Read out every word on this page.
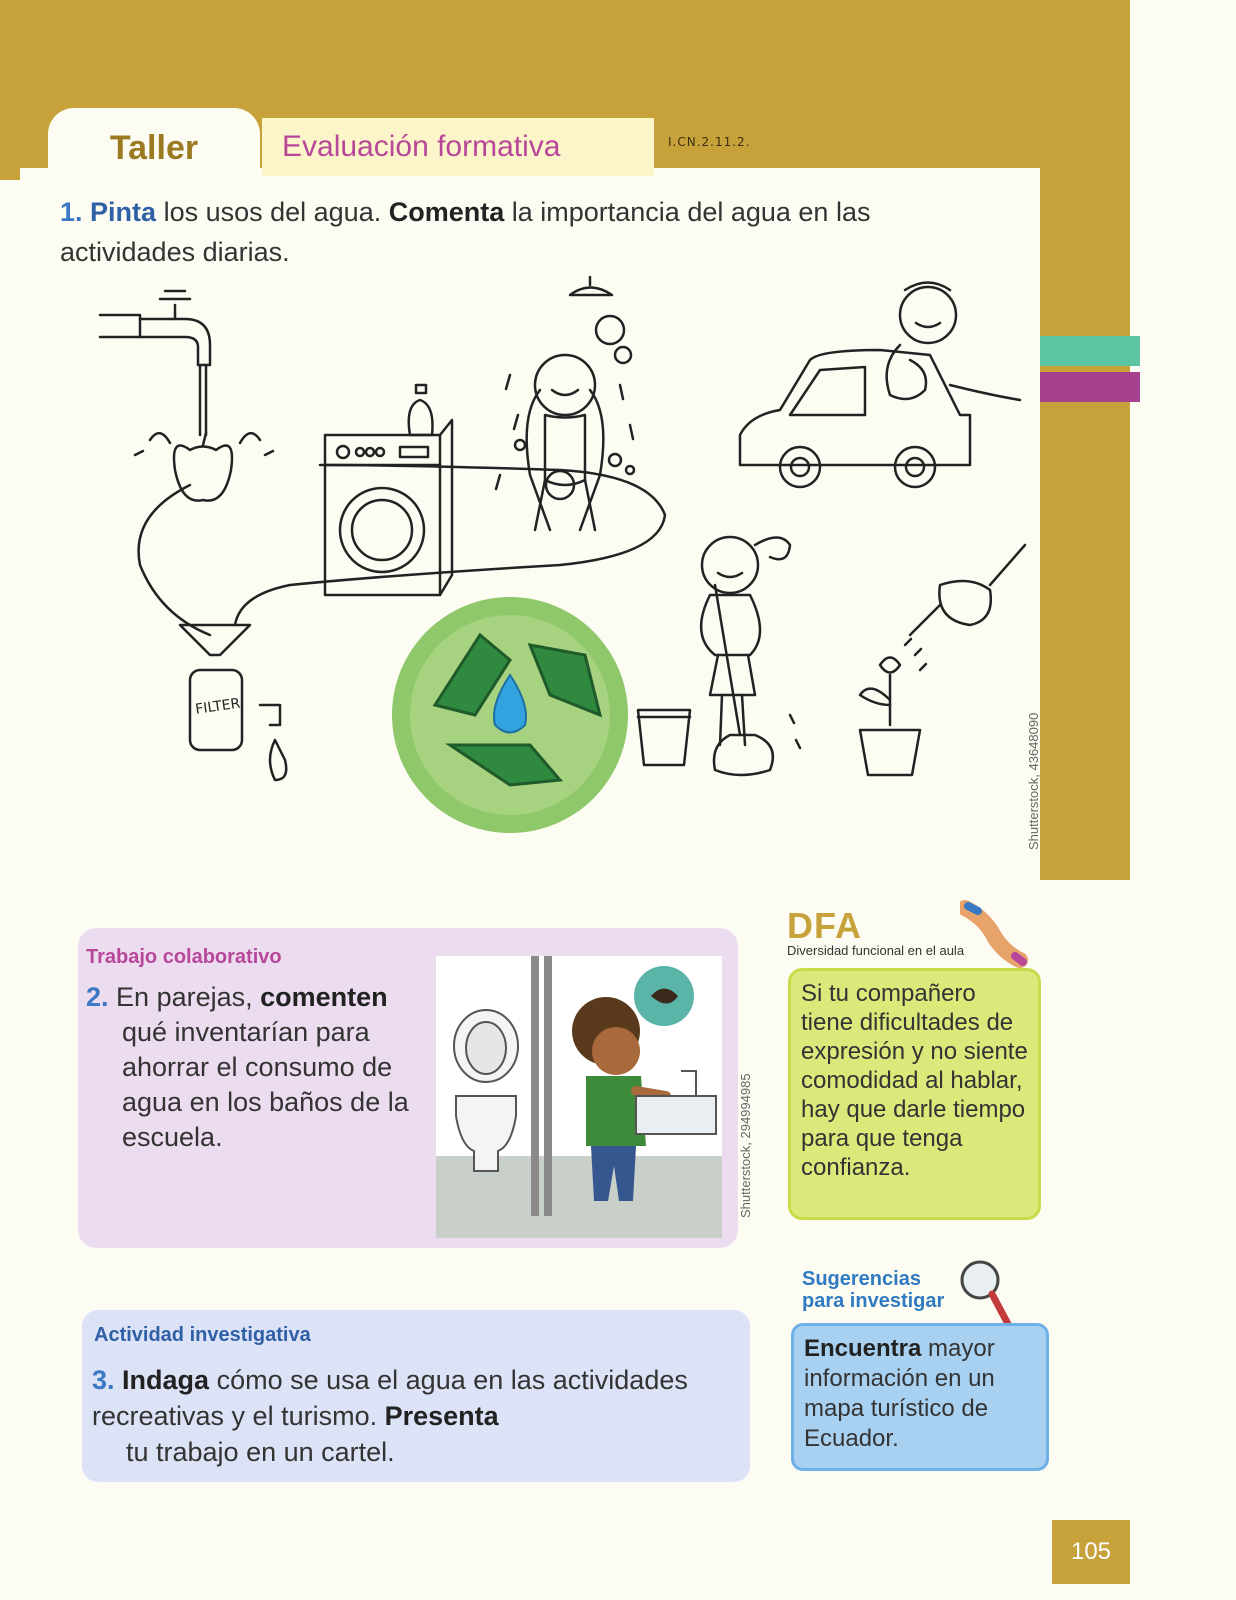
Taller	Evaluación formativa	I.CN.2.11.2.
1. Pinta los usos del agua. Comenta la importancia del agua en las actividades diarias.
FILTER
Shutterstock, 43648090
Trabajo colaborativo
2. En parejas, comenten
qué inventarían para ahorrar el consumo de agua en los baños de la escuela.	Shutterstock, 294994985
DFA
Diversidad funcional en el aula
Si tu compañero tiene dificultades de expresión y no siente comodidad al hablar, hay que darle tiempo para que tenga confianza.
Sugerencias para investigar
Encuentra mayor información en un mapa turístico de Ecuador.
Actividad investigativa
3. Indaga cómo se usa el agua en las actividades recreativas y el turismo. Presenta
tu trabajo en un cartel.
105
